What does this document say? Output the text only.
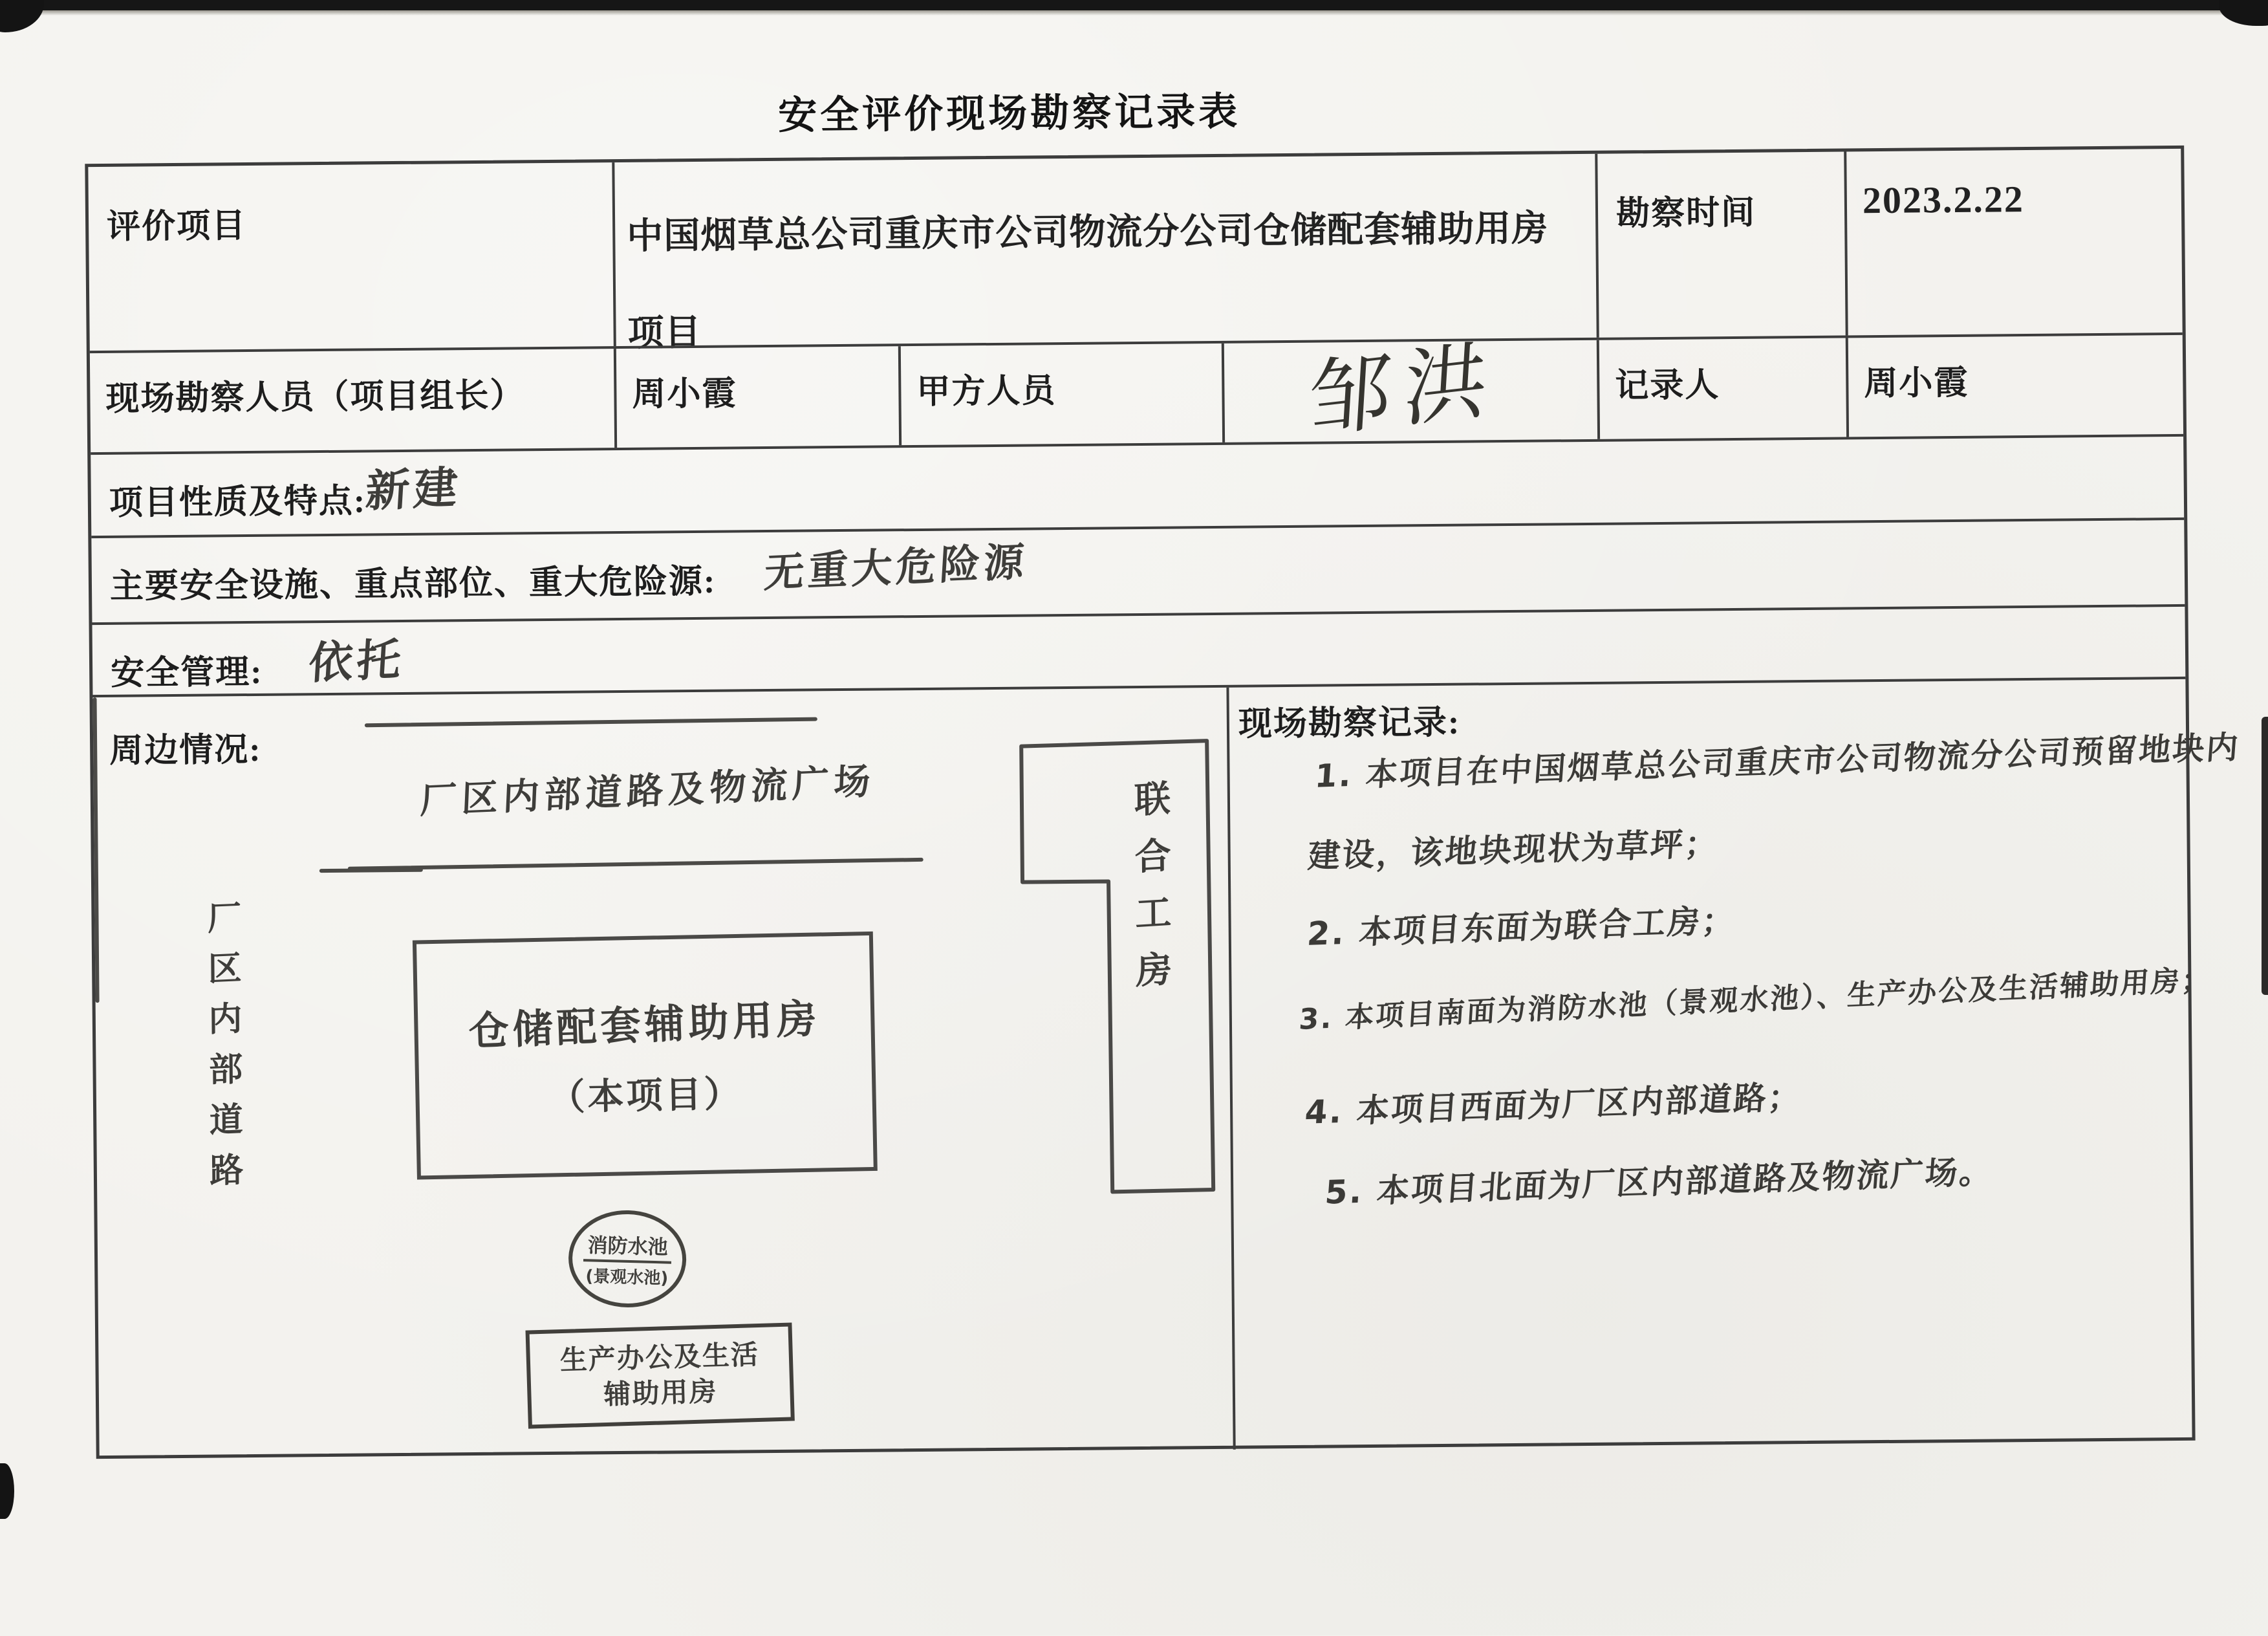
安全评价现场勘察记录表
评价项目	中国烟草总公司重庆市公司物流分公司仓储配套辅助用房项目
勘察时间	2023.2.22
现场勘察人员（项目组长）	周小霞	甲方人员	邹洪	记录人	周小霞
项目性质及特点:
新建
主要安全设施、重点部位、重大危险源: 无重大危险源
安全管理: 依托
周边情况:
厂区内部道路及物流广场
厂区内部道路
联合工房
仓储配套辅助用房
（本项目）
消防水池
(景观水池)
生产办公及生活
辅助用房
现场勘察记录:
1. 本项目在中国烟草总公司重庆市公司物流分公司预留地块内
建设，该地块现状为草坪；
2. 本项目东面为联合工房；
3. 本项目南面为消防水池（景观水池）、生产办公及生活辅助用房；
4. 本项目西面为厂区内部道路；
5. 本项目北面为厂区内部道路及物流广场。
